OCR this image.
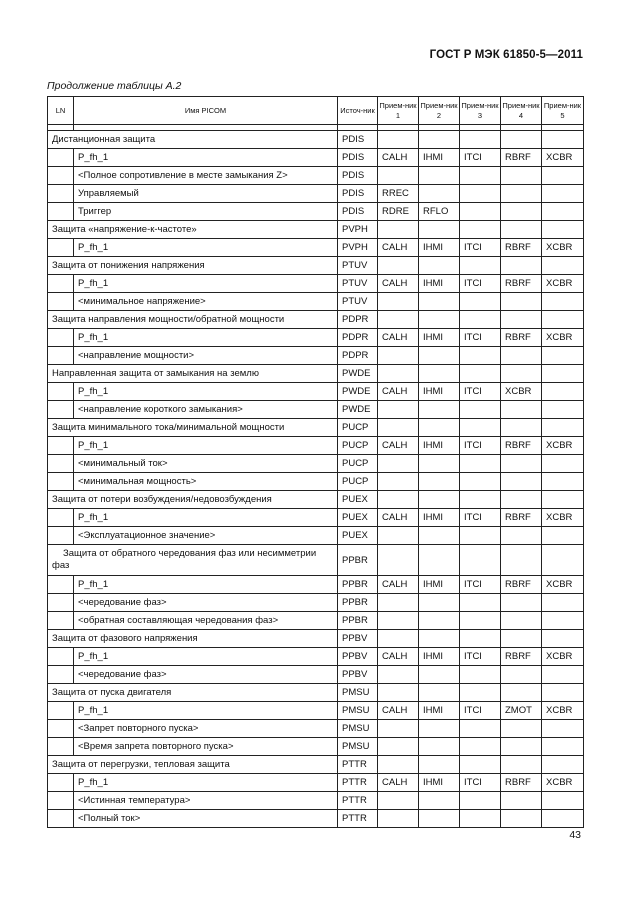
ГОСТ Р МЭК 61850-5—2011
Продолжение таблицы А.2
LN	Имя PICOM	Источ-ник	Прием-ник 1	Прием-ник 2	Прием-ник 3	Прием-ник 4	Прием-ник 5

Дистанционная защита		PDIS					
	P_fh_1	PDIS	CALH	IHMI	ITCI	RBRF	XCBR
	<Полное сопротивление в месте замыкания Z>	PDIS					
	Управляемый	PDIS	RREC				
	Триггер	PDIS	RDRE	RFLO			
Защита «напряжение-к-частоте»		PVPH					
	P_fh_1	PVPH	CALH	IHMI	ITCI	RBRF	XCBR
Защита от понижения напряжения		PTUV					
	P_fh_1	PTUV	CALH	IHMI	ITCI	RBRF	XCBR
	<минимальное напряжение>	PTUV					
Защита направления мощности/обратной мощности		PDPR					
	P_fh_1	PDPR	CALH	IHMI	ITCI	RBRF	XCBR
	<направление мощности>	PDPR					
Направленная защита от замыкания на землю		PWDE					
	P_fh_1	PWDE	CALH	IHMI	ITCI	XCBR	
	<направление короткого замыкания>	PWDE					
Защита минимального тока/минимальной мощности		PUCP					
	P_fh_1	PUCP	CALH	IHMI	ITCI	RBRF	XCBR
	<минимальный ток>	PUCP					
	<минимальная мощность>	PUCP					
Защита от потери возбуждения/недовозбуждения		PUEX					
	P_fh_1	PUEX	CALH	IHMI	ITCI	RBRF	XCBR
	<Эксплуатационное значение>	PUEX					
Защита от обратного чередования фаз или несимметрии фаз		PPBR					
	P_fh_1	PPBR	CALH	IHMI	ITCI	RBRF	XCBR
	<чередование фаз>	PPBR					
	<обратная составляющая чередования фаз>	PPBR					
Защита от фазового напряжения		PPBV					
	P_fh_1	PPBV	CALH	IHMI	ITCI	RBRF	XCBR
	<чередование фаз>	PPBV					
Защита от пуска двигателя		PMSU					
	P_fh_1	PMSU	CALH	IHMI	ITCI	ZMOT	XCBR
	<Запрет повторного пуска>	PMSU					
	<Время запрета повторного пуска>	PMSU					
Защита от перегрузки, тепловая защита		PTTR					
	P_fh_1	PTTR	CALH	IHMI	ITCI	RBRF	XCBR
	<Истинная температура>	PTTR					
	<Полный ток>	PTTR					
43
